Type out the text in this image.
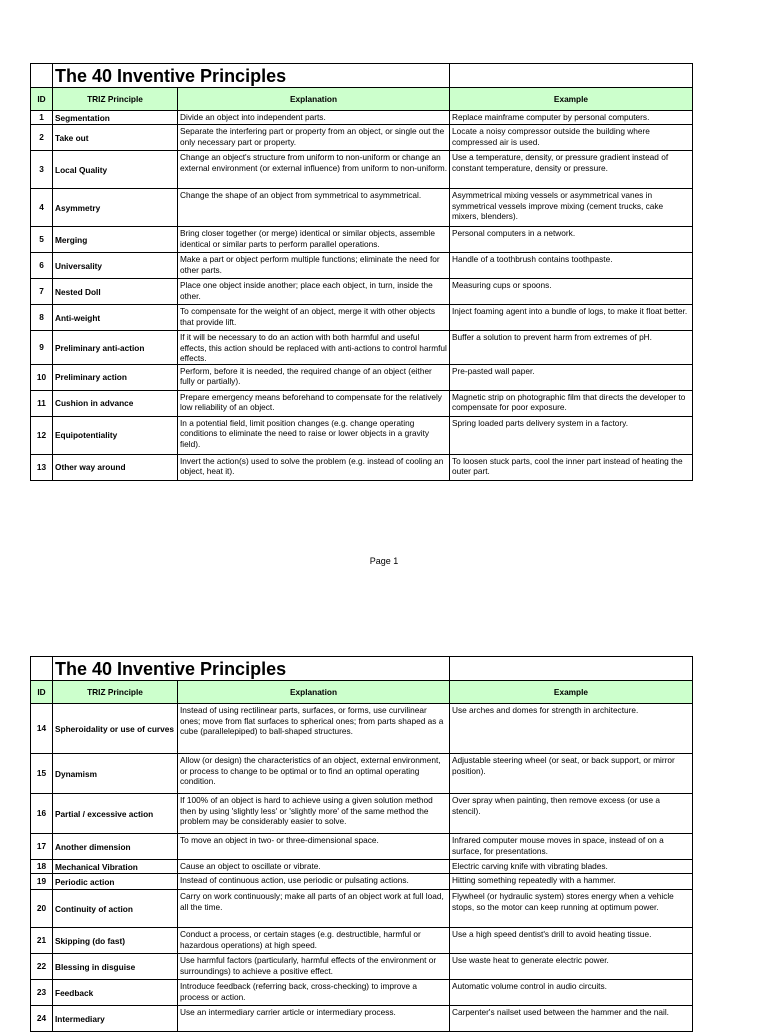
	The 40 Inventive Principles		
ID	TRIZ Principle	Explanation	Example
1	Segmentation	Divide an object into independent parts.	Replace mainframe computer by personal computers.
2	Take out	Separate the interfering part or property from an object, or single out the only necessary part or property.	Locate a noisy compressor outside the building where compressed air is used.
3	Local Quality	Change an object's structure from uniform to non-uniform or change an external environment (or external influence) from uniform to non-uniform.	Use a temperature, density, or pressure gradient instead of constant temperature, density or pressure.
4	Asymmetry	Change the shape of an object from symmetrical to asymmetrical.	Asymmetrical mixing vessels or asymmetrical vanes in symmetrical vessels improve mixing (cement trucks, cake mixers, blenders).
5	Merging	Bring closer together (or merge) identical or similar objects, assemble identical or similar parts to perform parallel operations.	Personal computers in a network.
6	Universality	Make a part or object perform multiple functions; eliminate the need for other parts.	Handle of a toothbrush contains toothpaste.
7	Nested Doll	Place one object inside another; place each object, in turn, inside the other.	Measuring cups or spoons.
8	Anti-weight	To compensate for the weight of an object, merge it with other objects that provide lift.	Inject foaming agent into a bundle of logs, to make it float better.
9	Preliminary anti-action	If it will be necessary to do an action with both harmful and useful effects, this action should be replaced with anti-actions to control harmful effects.	Buffer a solution to prevent harm from extremes of pH.
10	Preliminary action	Perform, before it is needed, the required change of an object (either fully or partially).	Pre-pasted wall paper.
11	Cushion in advance	Prepare emergency means beforehand to compensate for the relatively low reliability of an object.	Magnetic strip on photographic film that directs the developer to compensate for poor exposure.
12	Equipotentiality	In a potential field, limit position changes (e.g. change operating conditions to eliminate the need to raise or lower objects in a gravity field).	Spring loaded parts delivery system in a factory.
13	Other way around	Invert the action(s) used to solve the problem (e.g. instead of cooling an object, heat it).	To loosen stuck parts, cool the inner part instead of heating the outer part.
Page 1
	The 40 Inventive Principles		
ID	TRIZ Principle	Explanation	Example
14	Spheroidality or use of curves	Instead of using rectilinear parts, surfaces, or forms, use curvilinear ones; move from flat surfaces to spherical ones; from parts shaped as a cube (parallelepiped) to ball-shaped structures.	Use arches and domes for strength in architecture.
15	Dynamism	Allow (or design) the characteristics of an object, external environment, or process to change to be optimal or to find an optimal operating condition.	Adjustable steering wheel (or seat, or back support, or mirror position).
16	Partial / excessive action	If 100% of an object is hard to achieve using a given solution method then by using 'slightly less' or 'slightly more' of the same method the problem may be considerably easier to solve.	Over spray when painting, then remove excess (or use a stencil).
17	Another dimension	To move an object in two- or three-dimensional space.	Infrared computer mouse moves in space, instead of on a surface, for presentations.
18	Mechanical Vibration	Cause an object to oscillate or vibrate.	Electric carving knife with vibrating blades.
19	Periodic action	Instead of continuous action, use periodic or pulsating actions.	Hitting something repeatedly with a hammer.
20	Continuity of action	Carry on work continuously; make all parts of an object work at full load, all the time.	Flywheel (or hydraulic system) stores energy when a vehicle stops, so the motor can keep running at optimum power.
21	Skipping (do fast)	Conduct a process, or certain stages (e.g. destructible, harmful or hazardous operations) at high speed.	Use a high speed dentist's drill to avoid heating tissue.
22	Blessing in disguise	Use harmful factors (particularly, harmful effects of the environment or surroundings) to achieve a positive effect.	Use waste heat to generate electric power.
23	Feedback	Introduce feedback (referring back, cross-checking) to improve a process or action.	Automatic volume control in audio circuits.
24	Intermediary	Use an intermediary carrier article or intermediary process.	Carpenter's nailset used between the hammer and the nail.
